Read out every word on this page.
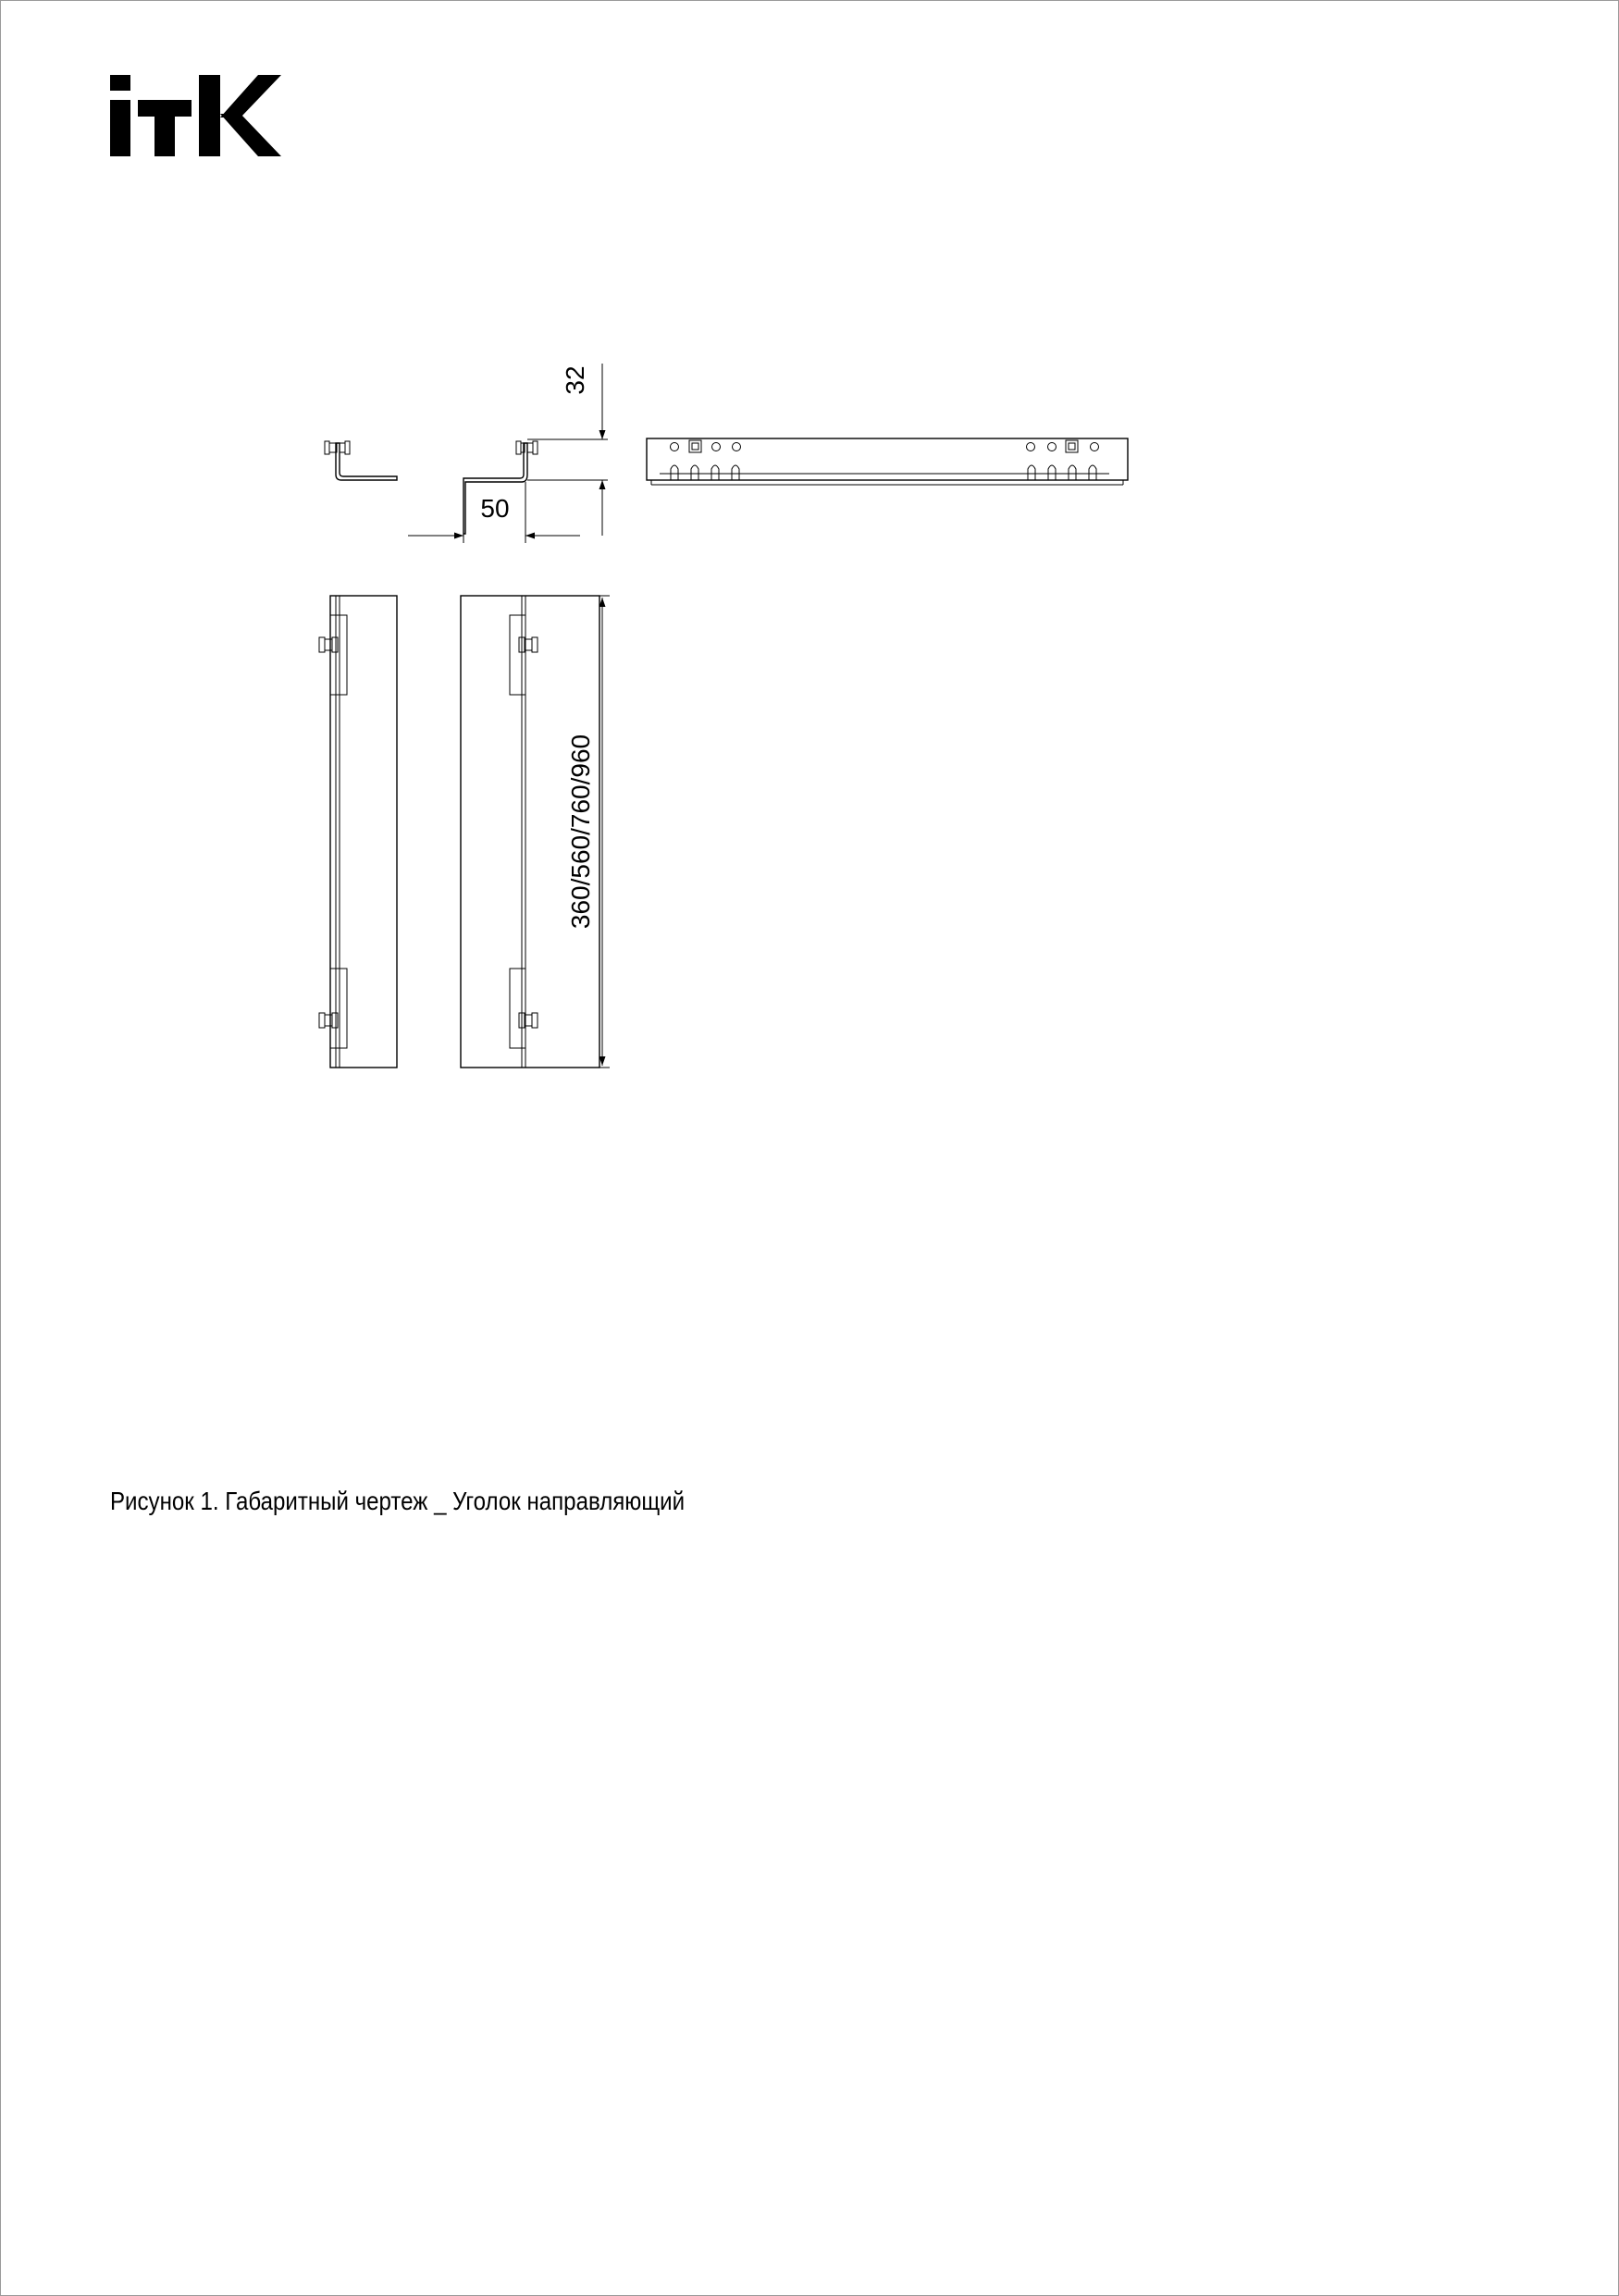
32
50
360/560/760/960
Рисунок 1. Габаритный чертеж _ Уголок направляющий
